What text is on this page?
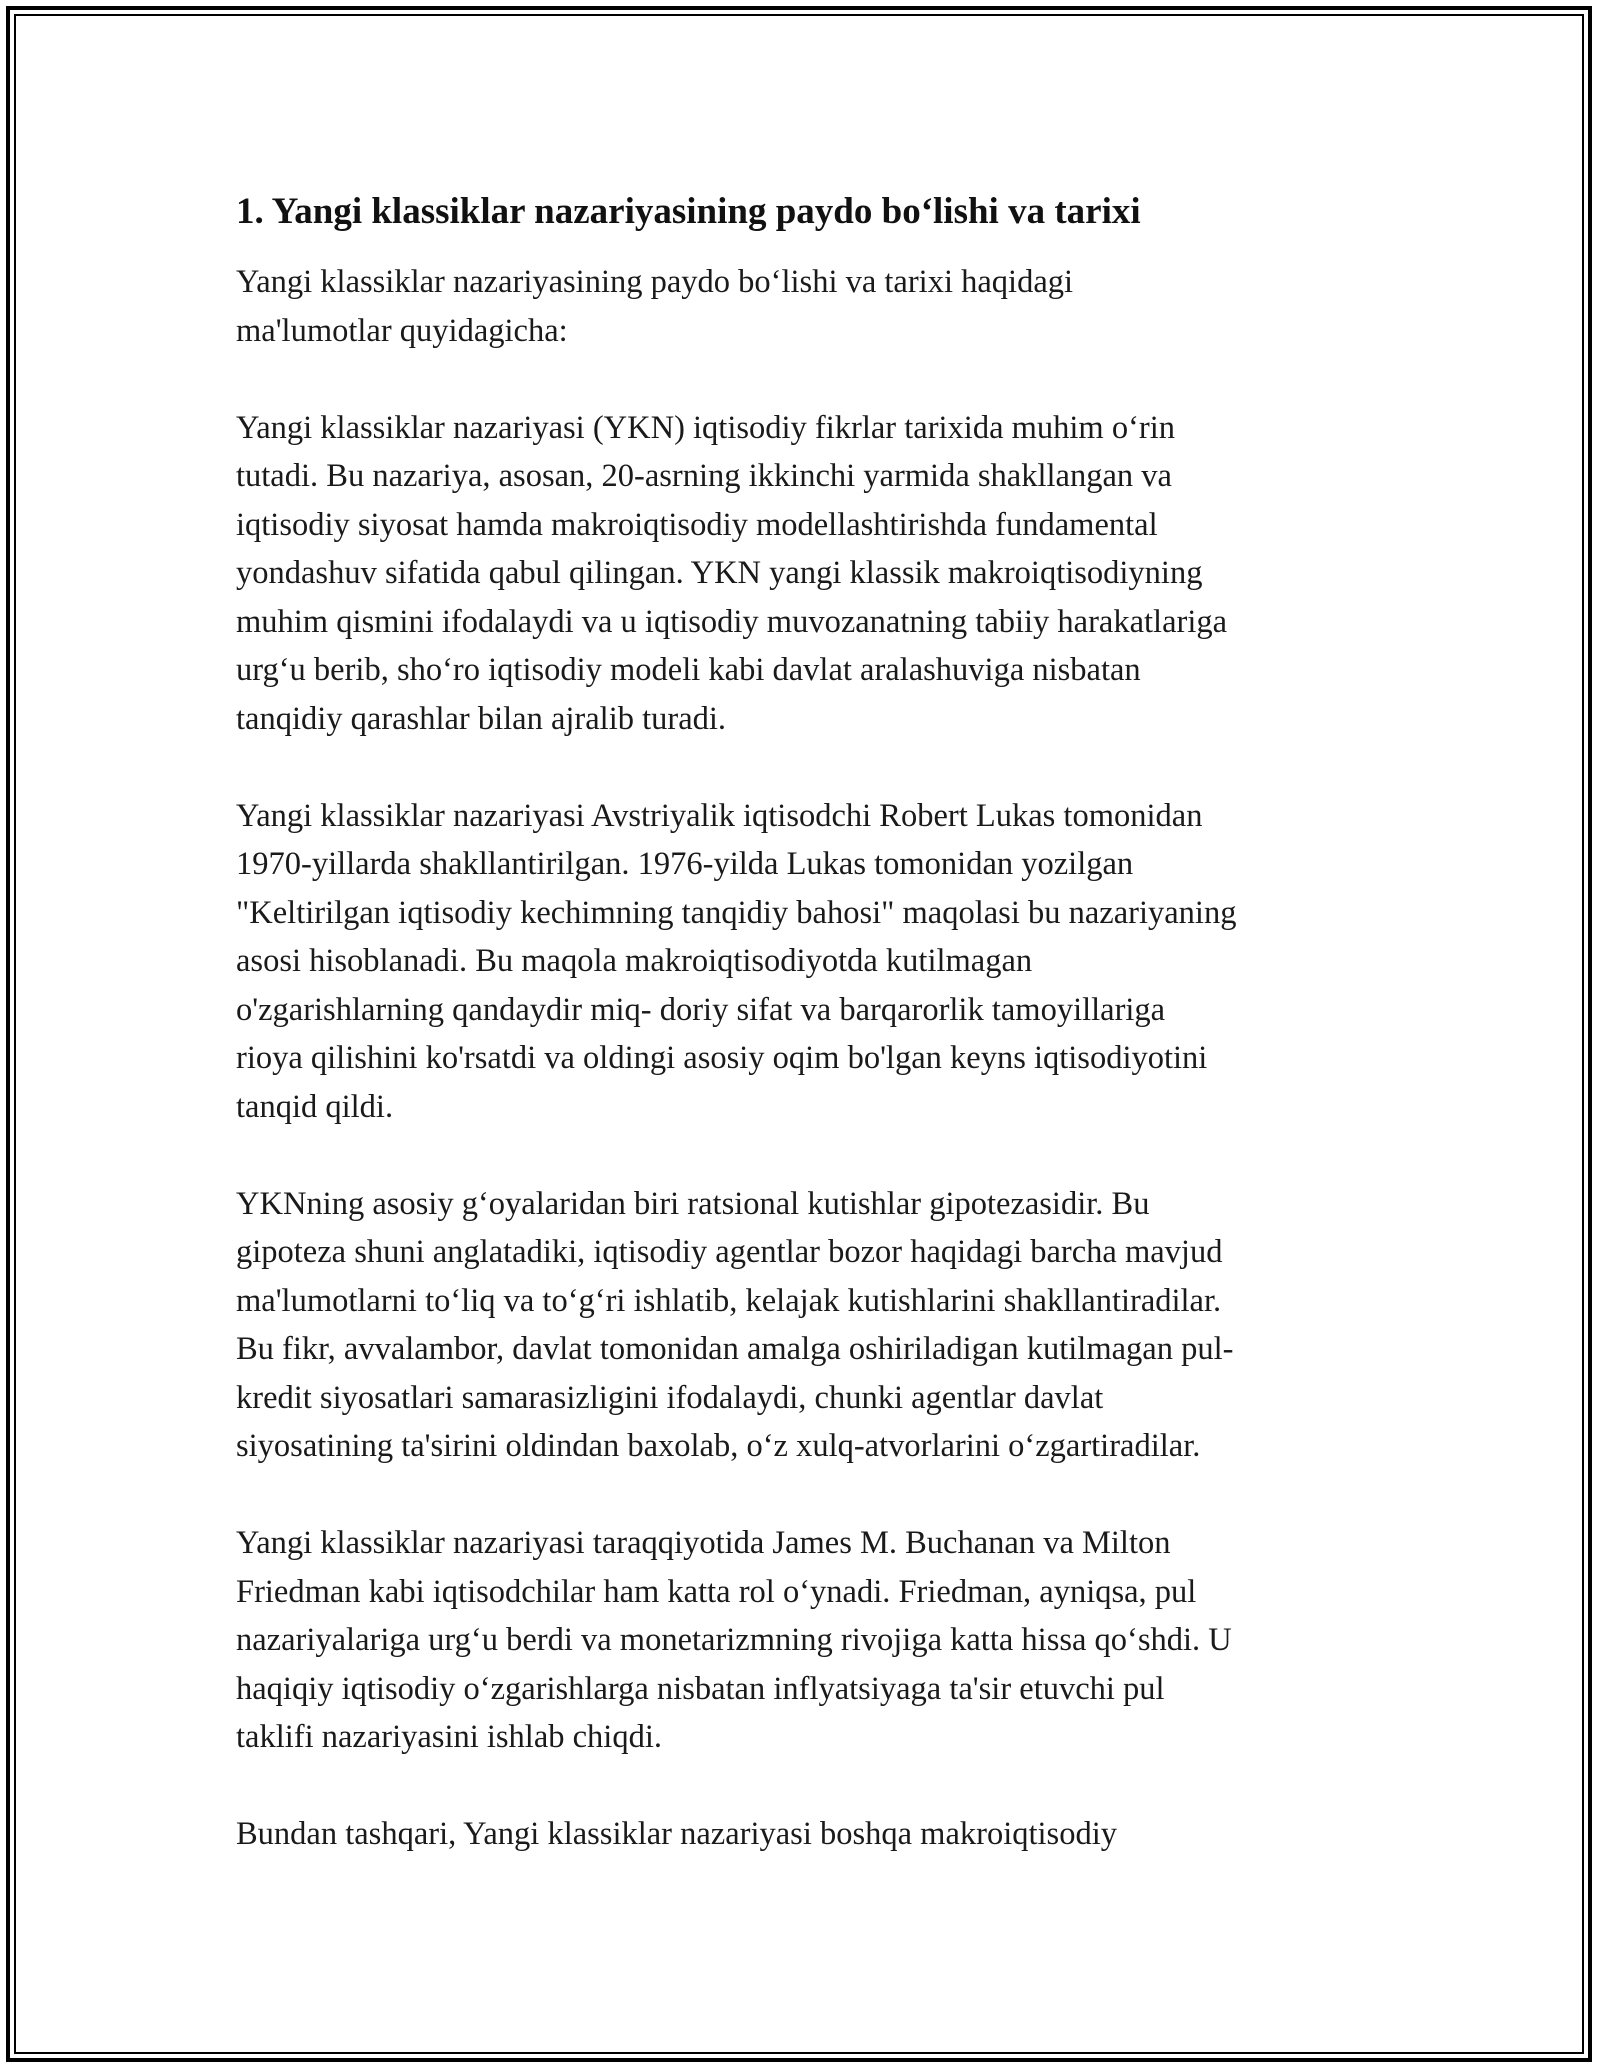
1. Yangi klassiklar nazariyasining paydo bo‘lishi va tarixi

Yangi klassiklar nazariyasining paydo bo‘lishi va tarixi haqidagi
ma'lumotlar quyidagicha:

Yangi klassiklar nazariyasi (YKN) iqtisodiy fikrlar tarixida muhim o‘rin
tutadi. Bu nazariya, asosan, 20-asrning ikkinchi yarmida shakllangan va
iqtisodiy siyosat hamda makroiqtisodiy modellashtirishda fundamental
yondashuv sifatida qabul qilingan. YKN yangi klassik makroiqtisodiyning
muhim qismini ifodalaydi va u iqtisodiy muvozanatning tabiiy harakatlariga
urg‘u berib, sho‘ro iqtisodiy modeli kabi davlat aralashuviga nisbatan
tanqidiy qarashlar bilan ajralib turadi.

Yangi klassiklar nazariyasi Avstriyalik iqtisodchi Robert Lukas tomonidan
1970-yillarda shakllantirilgan. 1976-yilda Lukas tomonidan yozilgan
"Keltirilgan iqtisodiy kechimning tanqidiy bahosi" maqolasi bu nazariyaning
asosi hisoblanadi. Bu maqola makroiqtisodiyotda kutilmagan
o'zgarishlarning qandaydir miq- doriy sifat va barqarorlik tamoyillariga
rioya qilishini ko'rsatdi va oldingi asosiy oqim bo'lgan keyns iqtisodiyotini
tanqid qildi.

YKNning asosiy g‘oyalaridan biri ratsional kutishlar gipotezasidir. Bu
gipoteza shuni anglatadiki, iqtisodiy agentlar bozor haqidagi barcha mavjud
ma'lumotlarni to‘liq va to‘g‘ri ishlatib, kelajak kutishlarini shakllantiradilar.
Bu fikr, avvalambor, davlat tomonidan amalga oshiriladigan kutilmagan pul-
kredit siyosatlari samarasizligini ifodalaydi, chunki agentlar davlat
siyosatining ta'sirini oldindan baxolab, o‘z xulq-atvorlarini o‘zgartiradilar.

Yangi klassiklar nazariyasi taraqqiyotida James M. Buchanan va Milton
Friedman kabi iqtisodchilar ham katta rol o‘ynadi. Friedman, ayniqsa, pul
nazariyalariga urg‘u berdi va monetarizmning rivojiga katta hissa qo‘shdi. U
haqiqiy iqtisodiy o‘zgarishlarga nisbatan inflyatsiyaga ta'sir etuvchi pul
taklifi nazariyasini ishlab chiqdi.

Bundan tashqari, Yangi klassiklar nazariyasi boshqa makroiqtisodiy
